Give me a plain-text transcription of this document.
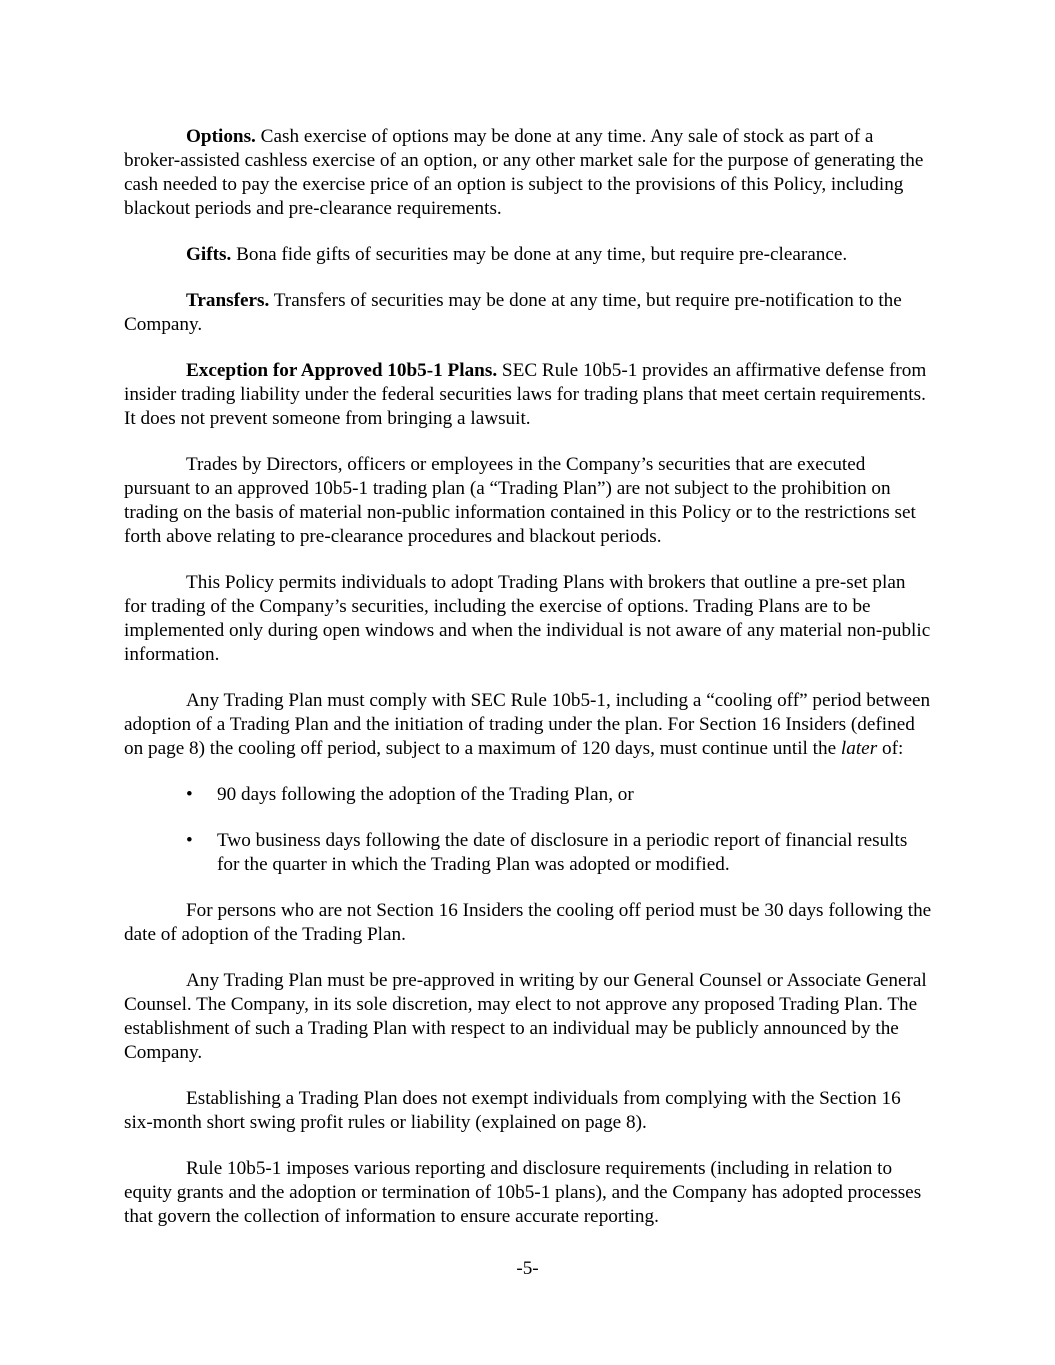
Options. Cash exercise of options may be done at any time. Any sale of stock as part of a broker-assisted cashless exercise of an option, or any other market sale for the purpose of generating the cash needed to pay the exercise price of an option is subject to the provisions of this Policy, including blackout periods and pre-clearance requirements.

Gifts. Bona fide gifts of securities may be done at any time, but require pre-clearance.

Transfers. Transfers of securities may be done at any time, but require pre-notification to the Company.

Exception for Approved 10b5-1 Plans. SEC Rule 10b5-1 provides an affirmative defense from insider trading liability under the federal securities laws for trading plans that meet certain requirements. It does not prevent someone from bringing a lawsuit.

Trades by Directors, officers or employees in the Company’s securities that are executed pursuant to an approved 10b5-1 trading plan (a “Trading Plan”) are not subject to the prohibition on trading on the basis of material non-public information contained in this Policy or to the restrictions set forth above relating to pre-clearance procedures and blackout periods.

This Policy permits individuals to adopt Trading Plans with brokers that outline a pre-set plan for trading of the Company’s securities, including the exercise of options. Trading Plans are to be implemented only during open windows and when the individual is not aware of any material non-public information.

Any Trading Plan must comply with SEC Rule 10b5-1, including a “cooling off” period between adoption of a Trading Plan and the initiation of trading under the plan. For Section 16 Insiders (defined on page 8) the cooling off period, subject to a maximum of 120 days, must continue until the later of:

• 90 days following the adoption of the Trading Plan, or
• Two business days following the date of disclosure in a periodic report of financial results for the quarter in which the Trading Plan was adopted or modified.

For persons who are not Section 16 Insiders the cooling off period must be 30 days following the date of adoption of the Trading Plan.

Any Trading Plan must be pre-approved in writing by our General Counsel or Associate General Counsel. The Company, in its sole discretion, may elect to not approve any proposed Trading Plan. The establishment of such a Trading Plan with respect to an individual may be publicly announced by the Company.

Establishing a Trading Plan does not exempt individuals from complying with the Section 16 six-month short swing profit rules or liability (explained on page 8).

Rule 10b5-1 imposes various reporting and disclosure requirements (including in relation to equity grants and the adoption or termination of 10b5-1 plans), and the Company has adopted processes that govern the collection of information to ensure accurate reporting.

-5-
